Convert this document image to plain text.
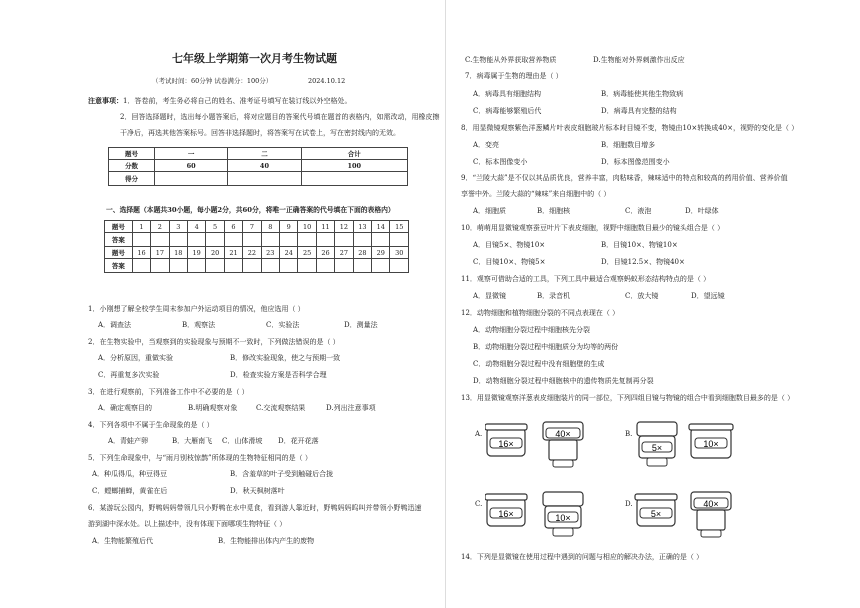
七年级上学期第一次月考生物试题
（考试时间：60分钟 试卷满分：100分）	2024.10.12
注意事项：1．答卷前，考生务必将自己的姓名、准考证号填写在装订线以外空格处。
2．回答选择题时，选出每小题答案后，将对应题目的答案代号填在题首的表格内，如需改动，用橡皮擦
干净后，再选其他答案标号。回答非选择题时，将答案写在试卷上，写在密封线内的无效。
题号	一	二	合计
分数	60	40	100
得分			
一、选择题（本题共30小题，每小题2分，共60分，将唯一正确答案的代号填在下面的表格内）
题号	1	2	3	4	5	6	7	8	9	10	11	12	13	14	15
答案															
题号	16	17	18	19	20	21	22	23	24	25	26	27	28	29	30
答案															
1．小刚想了解全校学生周末参加户外运动项目的情况，他应选用（ ）
A．调查法	B．观察法	C．实验法	D．测量法
2．在生物实验中，当观察到的实验现象与预期不一致时，下列做法错误的是（ ）
A．分析原因，重做实验	B．修改实验现象，使之与预期一致
C．再重复多次实验	D．检查实验方案是否科学合理
3．在进行观察前，下列准备工作中不必要的是（ ）
A．确定观察目的	B.明确观察对象	C.交流观察结果	D.列出注意事项
4．下列各项中不属于生命现象的是（ ）
A．青蛙产卵	B．大雁南飞 C．山体滑坡 D．花开花落
5．下列生命现象中，与“雨月别枝惊鹊”所体现的生物特征相同的是（ ）
A．种瓜得瓜，种豆得豆	B．含羞草的叶子受到触碰后合拢
C．螳螂捕蝉，黄雀在后	D．秋天枫树落叶
6．某游玩公园内，野鸭妈妈带领几只小野鸭在水中觅食，看到游人靠近时，野鸭妈妈呜叫并带领小野鸭迅速
游到湖中深水处。以上描述中，没有体现下面哪项生物特征（ ）
A．生物能繁殖后代	B．生物能排出体内产生的废物
C.生物能从外界获取营养物质	D.生物能对外界刺激作出反应
7．病毒属于生物的理由是（ ）
A．病毒具有细胞结构	B．病毒能使其他生物致病
C．病毒能够繁殖后代	D．病毒具有完整的结构
8．用显微镜观察紫色洋葱鳞片叶表皮细胞玻片标本时目镜不变，物镜由10×转换成40×，视野的变化是（ ）
A．变亮	B．细胞数目增多
C．标本图像变小	D．标本图像范围变小
9．“兰陵大蒜”是不仅以其品质优良，营养丰富，肉粘味香，辣味适中的特点和较高的药用价值、营养价值
享誉中外。兰陵大蒜的“辣味”来自细胞中的（ ）
A．细胞质	B．细胞核	C．液泡	D．叶绿体
10．萌萌用显微镜观察蚕豆叶片下表皮细胞，视野中细胞数目最少的镜头组合是（ ）
A．目镜5×、物镜10×	B．目镜10×、物镜10×
C．目镜10×、物镜5×	D．目镜12.5×、物镜40×
11．观察可借助合适的工具，下列工具中最适合观察蚂蚁形态结构特点的是（ ）
A．显微镜	B．录音机	C．放大镜	D．望远镜
12．动物细胞和植物细胞分裂的不同点表现在（ ）
A．动物细胞分裂过程中细胞核先分裂
B．动物细胞分裂过程中细胞质分为均等的两份
C．动物细胞分裂过程中没有细胞壁的生成
D．动物细胞分裂过程中细胞核中的遗传物质先复制再分裂
13．用显微镜观察洋葱表皮细胞装片的同一部位，下列四组目镜与物镜的组合中看到细胞数目最多的是（ ）
A.	B.
C.	D.
16×
40×
5×	10×
16×	10×	5×
40×
14．下列是显微镜在使用过程中遇到的问题与相应的解决办法，正确的是（ ）
